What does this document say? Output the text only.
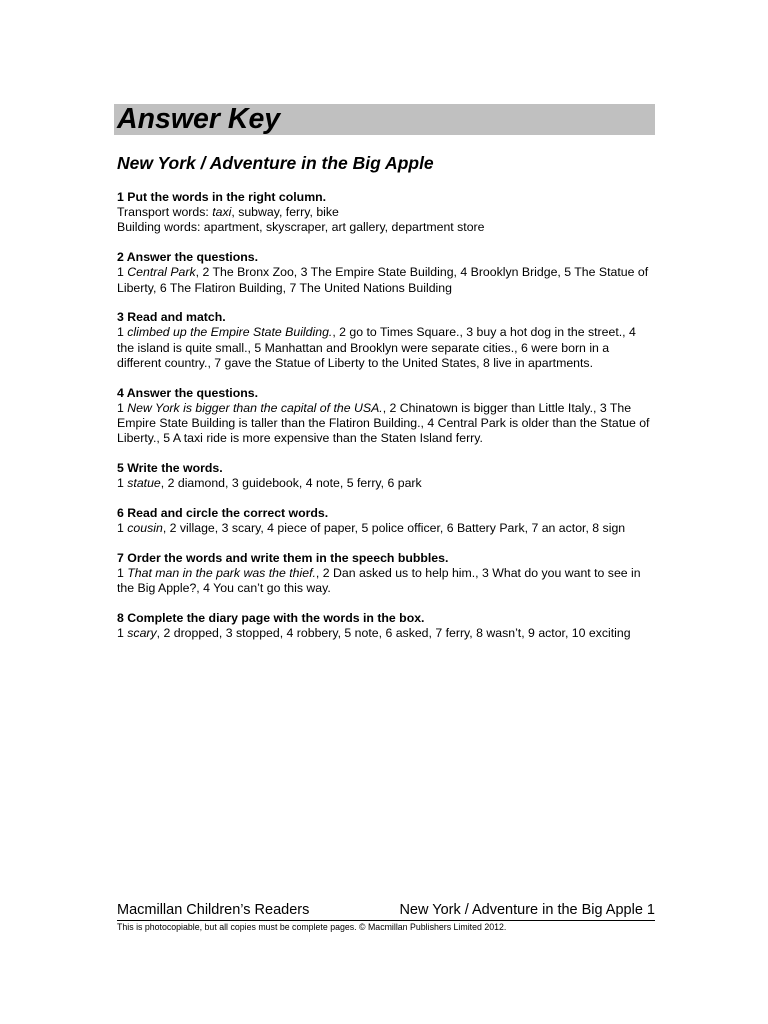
Answer Key
New York / Adventure in the Big Apple

1 Put the words in the right column.

Transport words: taxi, subway, ferry, bike

Building words: apartment, skyscraper, art gallery, department store

2 Answer the questions.

1 Central Park, 2 The Bronx Zoo, 3 The Empire State Building, 4 Brooklyn Bridge, 5 The Statue of Liberty, 6 The Flatiron Building, 7 The United Nations Building

3 Read and match.

1 climbed up the Empire State Building., 2 go to Times Square., 3 buy a hot dog in the street., 4 the island is quite small., 5 Manhattan and Brooklyn were separate cities., 6 were born in a different country., 7 gave the Statue of Liberty to the United States, 8 live in apartments.

4 Answer the questions.

1 New York is bigger than the capital of the USA., 2 Chinatown is bigger than Little Italy., 3 The Empire State Building is taller than the Flatiron Building., 4 Central Park is older than the Statue of Liberty., 5 A taxi ride is more expensive than the Staten Island ferry.

5 Write the words.

1 statue, 2 diamond, 3 guidebook, 4 note, 5 ferry, 6 park

6 Read and circle the correct words.

1 cousin, 2 village, 3 scary, 4 piece of paper, 5 police officer, 6 Battery Park, 7 an actor, 8 sign

7 Order the words and write them in the speech bubbles.

1 That man in the park was the thief., 2 Dan asked us to help him., 3 What do you want to see in the Big Apple?, 4 You can’t go this way.

8 Complete the diary page with the words in the box.

1 scary, 2 dropped, 3 stopped, 4 robbery, 5 note, 6 asked, 7 ferry, 8 wasn’t, 9 actor, 10 exciting

Macmillan Children’s Readers	New York / Adventure in the Big Apple 1
This is photocopiable, but all copies must be complete pages. © Macmillan Publishers Limited 2012.
